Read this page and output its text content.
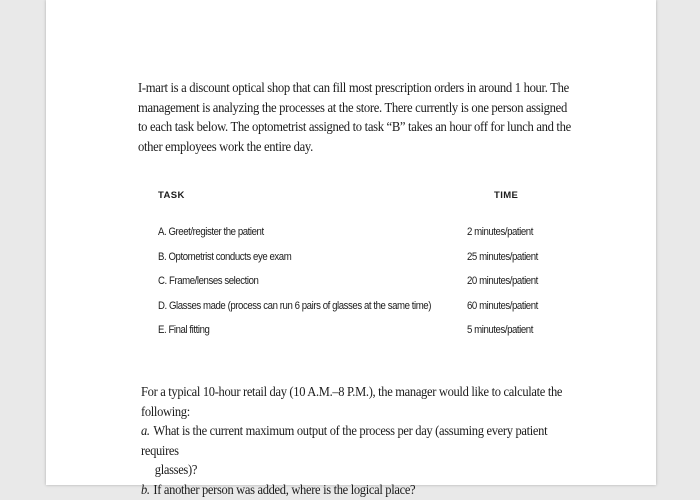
I-mart is a discount optical shop that can fill most prescription orders in around 1 hour. The management is analyzing the processes at the store. There currently is one person assigned to each task below. The optometrist assigned to task “B” takes an hour off for lunch and the other employees work the entire day.

TASK	TIME
A. Greet/register the patient	2 minutes/patient
B. Optometrist conducts eye exam	25 minutes/patient
C. Frame/lenses selection	20 minutes/patient
D. Glasses made (process can run 6 pairs of glasses at the same time)	60 minutes/patient
E. Final fitting	5 minutes/patient

For a typical 10-hour retail day (10 A.M.–8 P.M.), the manager would like to calculate the following:

a. What is the current maximum output of the process per day (assuming every patient requires
glasses)?

b. If another person was added, where is the logical place?
